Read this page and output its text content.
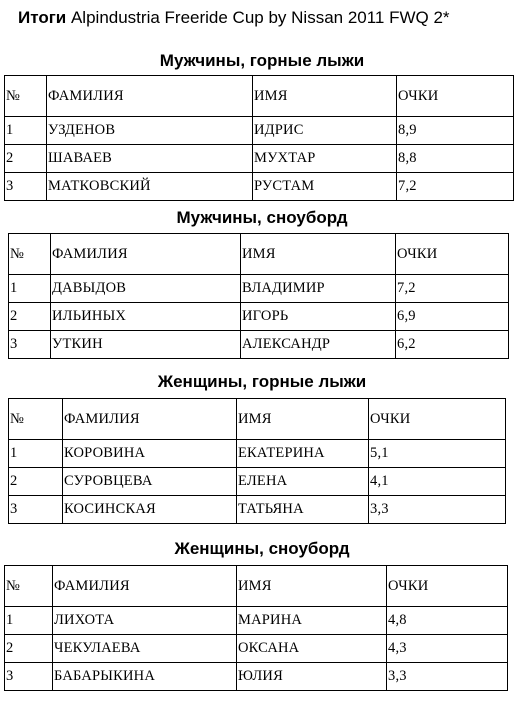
Итоги Alpindustria Freeride Cup by Nissan 2011 FWQ 2*
Мужчины, горные лыжи
№	ФАМИЛИЯ	ИМЯ	ОЧКИ
1	УЗДЕНОВ	ИДРИС	8,9
2	ШАВАЕВ	МУХТАР	8,8
3	МАТКОВСКИЙ	РУСТАМ	7,2
Мужчины, сноуборд
№	ФАМИЛИЯ	ИМЯ	ОЧКИ
1	ДАВЫДОВ	ВЛАДИМИР	7,2
2	ИЛЬИНЫХ	ИГОРЬ	6,9
3	УТКИН	АЛЕКСАНДР	6,2
Женщины, горные лыжи
№	ФАМИЛИЯ	ИМЯ	ОЧКИ
1	КОРОВИНА	ЕКАТЕРИНА	5,1
2	СУРОВЦЕВА	ЕЛЕНА	4,1
3	КОСИНСКАЯ	ТАТЬЯНА	3,3
Женщины, сноуборд
№	ФАМИЛИЯ	ИМЯ	ОЧКИ
1	ЛИХОТА	МАРИНА	4,8
2	ЧЕКУЛАЕВА	ОКСАНА	4,3
3	БАБАРЫКИНА	ЮЛИЯ	3,3
